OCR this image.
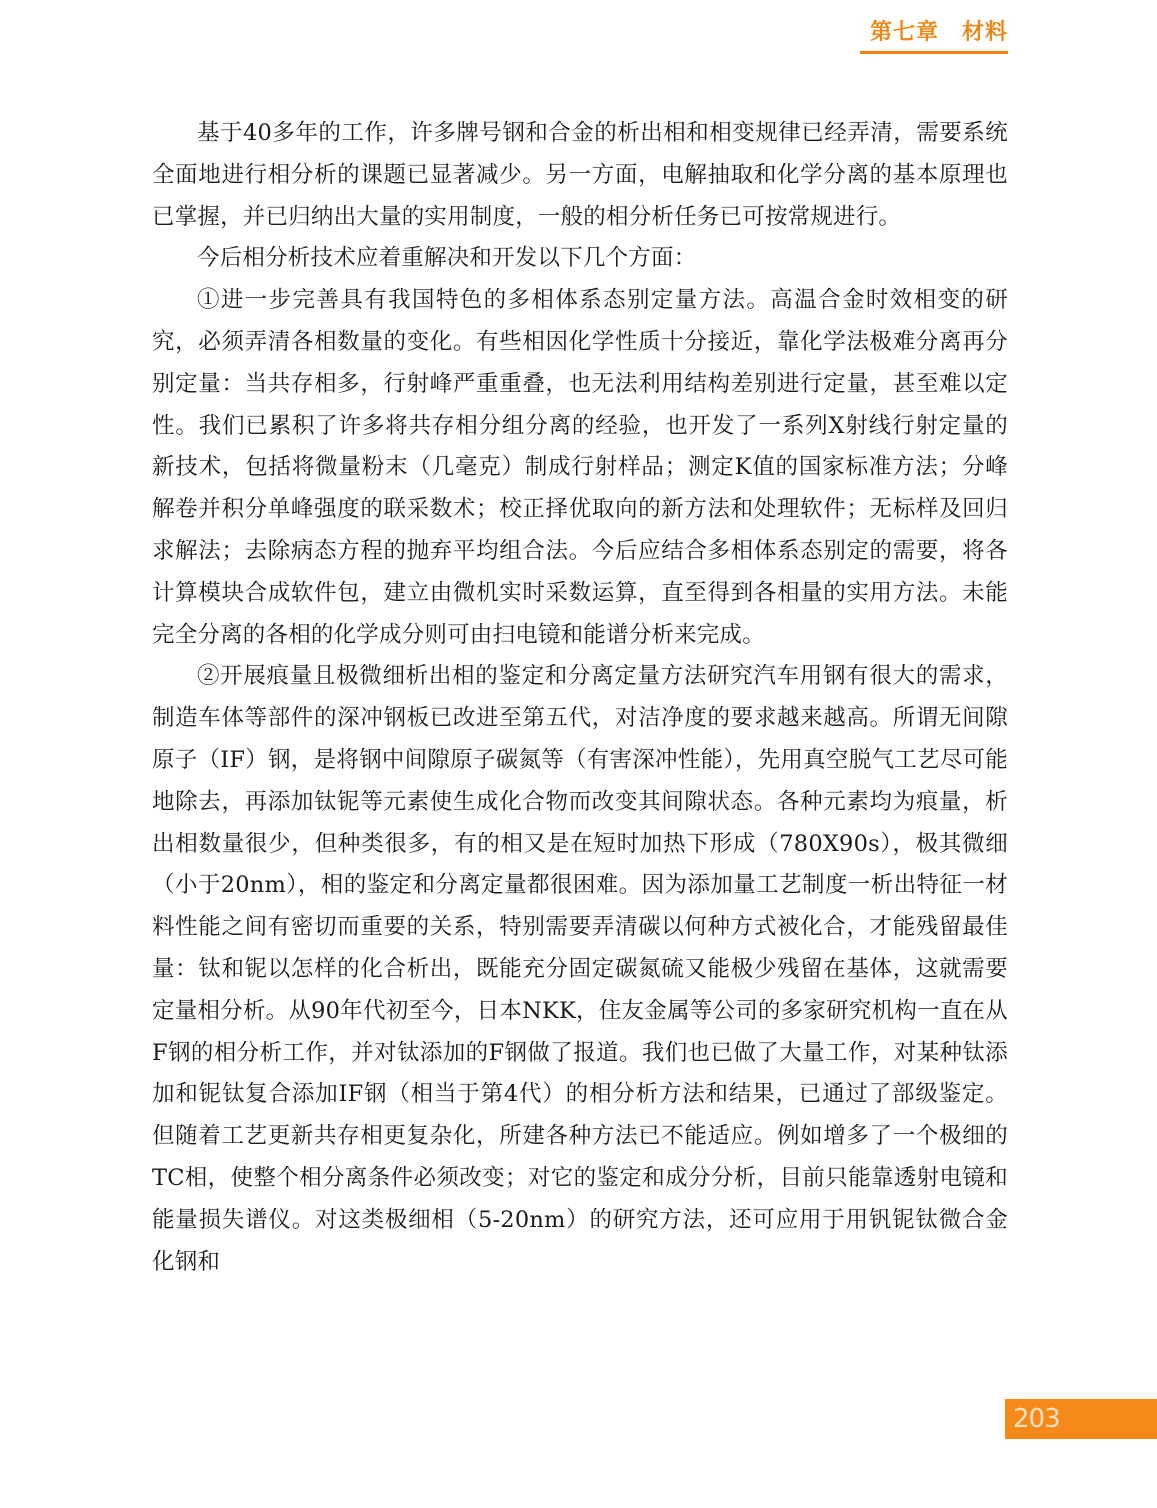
第七章　材料

基于40多年的工作，许多牌号钢和合金的析出相和相变规律已经弄清，需要系统全面地进行相分析的课题已显著减少。另一方面，电解抽取和化学分离的基本原理也已掌握，并已归纳出大量的实用制度，一般的相分析任务已可按常规进行。

今后相分析技术应着重解决和开发以下几个方面：

①进一步完善具有我国特色的多相体系态别定量方法。高温合金时效相变的研究，必须弄清各相数量的变化。有些相因化学性质十分接近，靠化学法极难分离再分别定量：当共存相多，行射峰严重重叠，也无法利用结构差别进行定量，甚至难以定性。我们已累积了许多将共存相分组分离的经验，也开发了一系列X射线行射定量的新技术，包括将微量粉末（几毫克）制成行射样品；测定K值的国家标准方法；分峰解卷并积分单峰强度的联采数术；校正择优取向的新方法和处理软件；无标样及回归求解法；去除病态方程的抛弃平均组合法。今后应结合多相体系态别定的需要，将各计算模块合成软件包，建立由微机实时采数运算，直至得到各相量的实用方法。未能完全分离的各相的化学成分则可由扫电镜和能谱分析来完成。

②开展痕量且极微细析出相的鉴定和分离定量方法研究汽车用钢有很大的需求，制造车体等部件的深冲钢板已改进至第五代，对洁净度的要求越来越高。所谓无间隙原子（IF）钢，是将钢中间隙原子碳氮等（有害深冲性能），先用真空脱气工艺尽可能地除去，再添加钛铌等元素使生成化合物而改变其间隙状态。各种元素均为痕量，析出相数量很少，但种类很多，有的相又是在短时加热下形成（780X90s），极其微细（小于20nm），相的鉴定和分离定量都很困难。因为添加量工艺制度一析出特征一材料性能之间有密切而重要的关系，特别需要弄清碳以何种方式被化合，才能残留最佳量：钛和铌以怎样的化合析出，既能充分固定碳氮硫又能极少残留在基体，这就需要定量相分析。从90年代初至今，日本NKK，住友金属等公司的多家研究机构一直在从F钢的相分析工作，并对钛添加的F钢做了报道。我们也已做了大量工作，对某种钛添加和铌钛复合添加IF钢（相当于第4代）的相分析方法和结果，已通过了部级鉴定。但随着工艺更新共存相更复杂化，所建各种方法已不能适应。例如增多了一个极细的TC相，使整个相分离条件必须改变；对它的鉴定和成分分析，目前只能靠透射电镜和能量损失谱仪。对这类极细相（5-20nm）的研究方法，还可应用于用钒铌钛微合金化钢和

203
